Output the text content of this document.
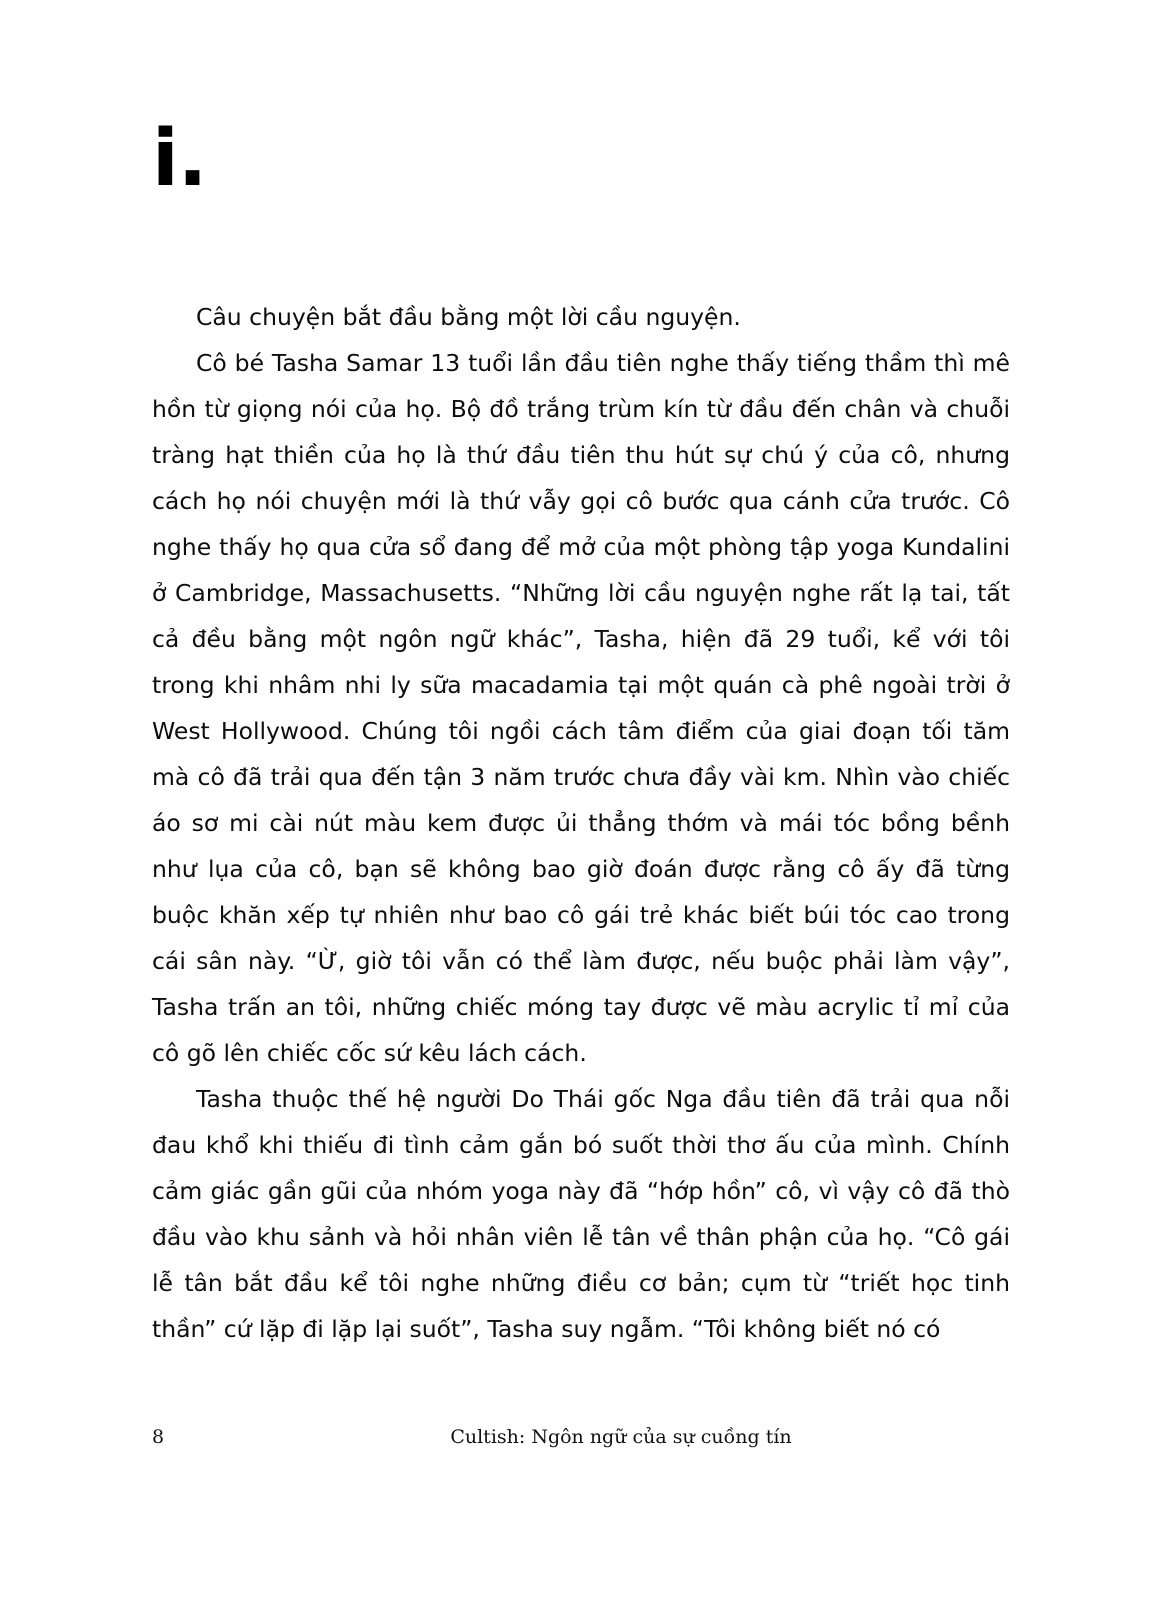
i.

Câu chuyện bắt đầu bằng một lời cầu nguyện.

Cô bé Tasha Samar 13 tuổi lần đầu tiên nghe thấy tiếng thầm thì mê hồn từ giọng nói của họ. Bộ đồ trắng trùm kín từ đầu đến chân và chuỗi tràng hạt thiền của họ là thứ đầu tiên thu hút sự chú ý của cô, nhưng cách họ nói chuyện mới là thứ vẫy gọi cô bước qua cánh cửa trước. Cô nghe thấy họ qua cửa sổ đang để mở của một phòng tập yoga Kundalini ở Cambridge, Massachusetts. “Những lời cầu nguyện nghe rất lạ tai, tất cả đều bằng một ngôn ngữ khác”, Tasha, hiện đã 29 tuổi, kể với tôi trong khi nhâm nhi ly sữa macadamia tại một quán cà phê ngoài trời ở West Hollywood. Chúng tôi ngồi cách tâm điểm của giai đoạn tối tăm mà cô đã trải qua đến tận 3 năm trước chưa đầy vài km. Nhìn vào chiếc áo sơ mi cài nút màu kem được ủi thẳng thớm và mái tóc bồng bềnh như lụa của cô, bạn sẽ không bao giờ đoán được rằng cô ấy đã từng buộc khăn xếp tự nhiên như bao cô gái trẻ khác biết búi tóc cao trong cái sân này. “Ừ, giờ tôi vẫn có thể làm được, nếu buộc phải làm vậy”, Tasha trấn an tôi, những chiếc móng tay được vẽ màu acrylic tỉ mỉ của cô gõ lên chiếc cốc sứ kêu lách cách.

Tasha thuộc thế hệ người Do Thái gốc Nga đầu tiên đã trải qua nỗi đau khổ khi thiếu đi tình cảm gắn bó suốt thời thơ ấu của mình. Chính cảm giác gần gũi của nhóm yoga này đã “hớp hồn” cô, vì vậy cô đã thò đầu vào khu sảnh và hỏi nhân viên lễ tân về thân phận của họ. “Cô gái lễ tân bắt đầu kể tôi nghe những điều cơ bản; cụm từ “triết học tinh thần” cứ lặp đi lặp lại suốt”, Tasha suy ngẫm. “Tôi không biết nó có

8	Cultish: Ngôn ngữ của sự cuồng tín
